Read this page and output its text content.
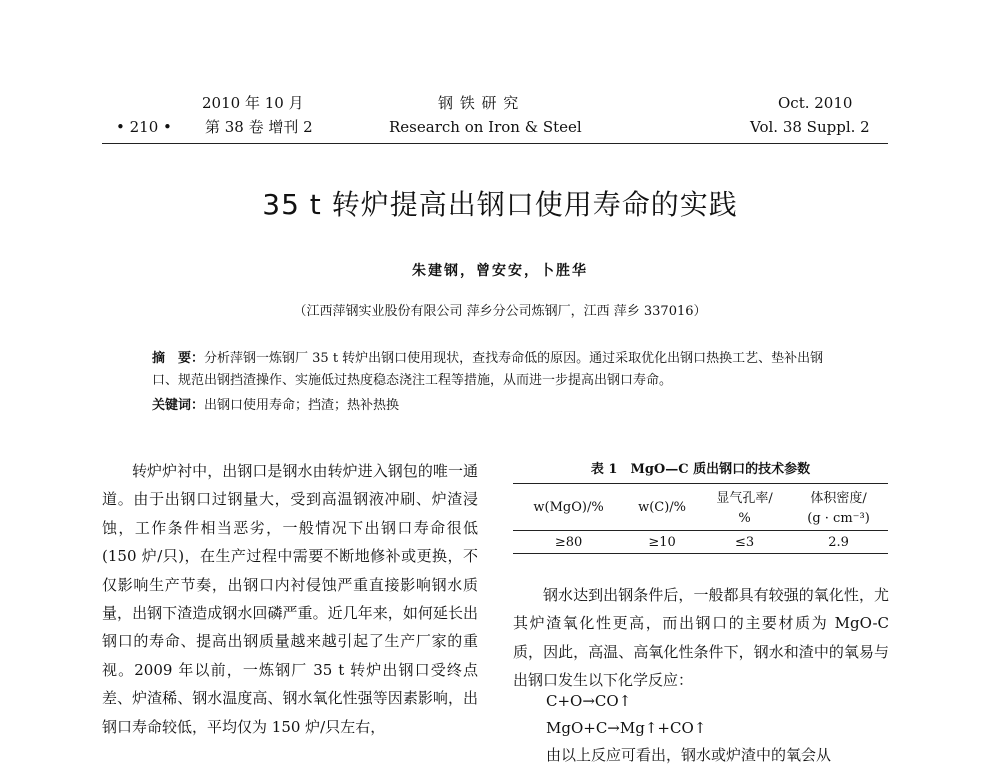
• 210 •
2010 年 10 月
第 38 卷 增刊 2
钢 铁 研 究
Research on Iron & Steel
Oct. 2010
Vol. 38 Suppl. 2
35 t 转炉提高出钢口使用寿命的实践
朱建钢，曾安安，卜胜华
（江西萍钢实业股份有限公司 萍乡分公司炼钢厂，江西 萍乡 337016）
摘　要：分析萍钢一炼钢厂 35 t 转炉出钢口使用现状，查找寿命低的原因。通过采取优化出钢口热换工艺、垫补出钢口、规范出钢挡渣操作、实施低过热度稳态浇注工程等措施，从而进一步提高出钢口寿命。
关键词：出钢口使用寿命；挡渣；热补热换

转炉炉衬中，出钢口是钢水由转炉进入钢包的唯一通道。由于出钢口过钢量大，受到高温钢液冲刷、炉渣浸蚀，工作条件相当恶劣，一般情况下出钢口寿命很低(150 炉/只)，在生产过程中需要不断地修补或更换，不仅影响生产节奏，出钢口内衬侵蚀严重直接影响钢水质量，出钢下渣造成钢水回磷严重。近几年来，如何延长出钢口的寿命、提高出钢质量越来越引起了生产厂家的重视。2009 年以前，一炼钢厂 35 t 转炉出钢口受终点差、炉渣稀、钢水温度高、钢水氧化性强等因素影响，出钢口寿命较低，平均仅为 150 炉/只左右，

表 1　MgO—C 质出钢口的技术参数
w(MgO)/%	w(C)/%	显气孔率/	体积密度/
		%	(g · cm⁻³)
≥80	≥10	≤3	2.9

钢水达到出钢条件后，一般都具有较强的氧化性，尤其炉渣氧化性更高，而出钢口的主要材质为 MgO-C 质，因此，高温、高氧化性条件下，钢水和渣中的氧易与出钢口发生以下化学反应：

C+O→CO↑
MgO+C→Mg↑+CO↑
由以上反应可看出，钢水或炉渣中的氧会从
